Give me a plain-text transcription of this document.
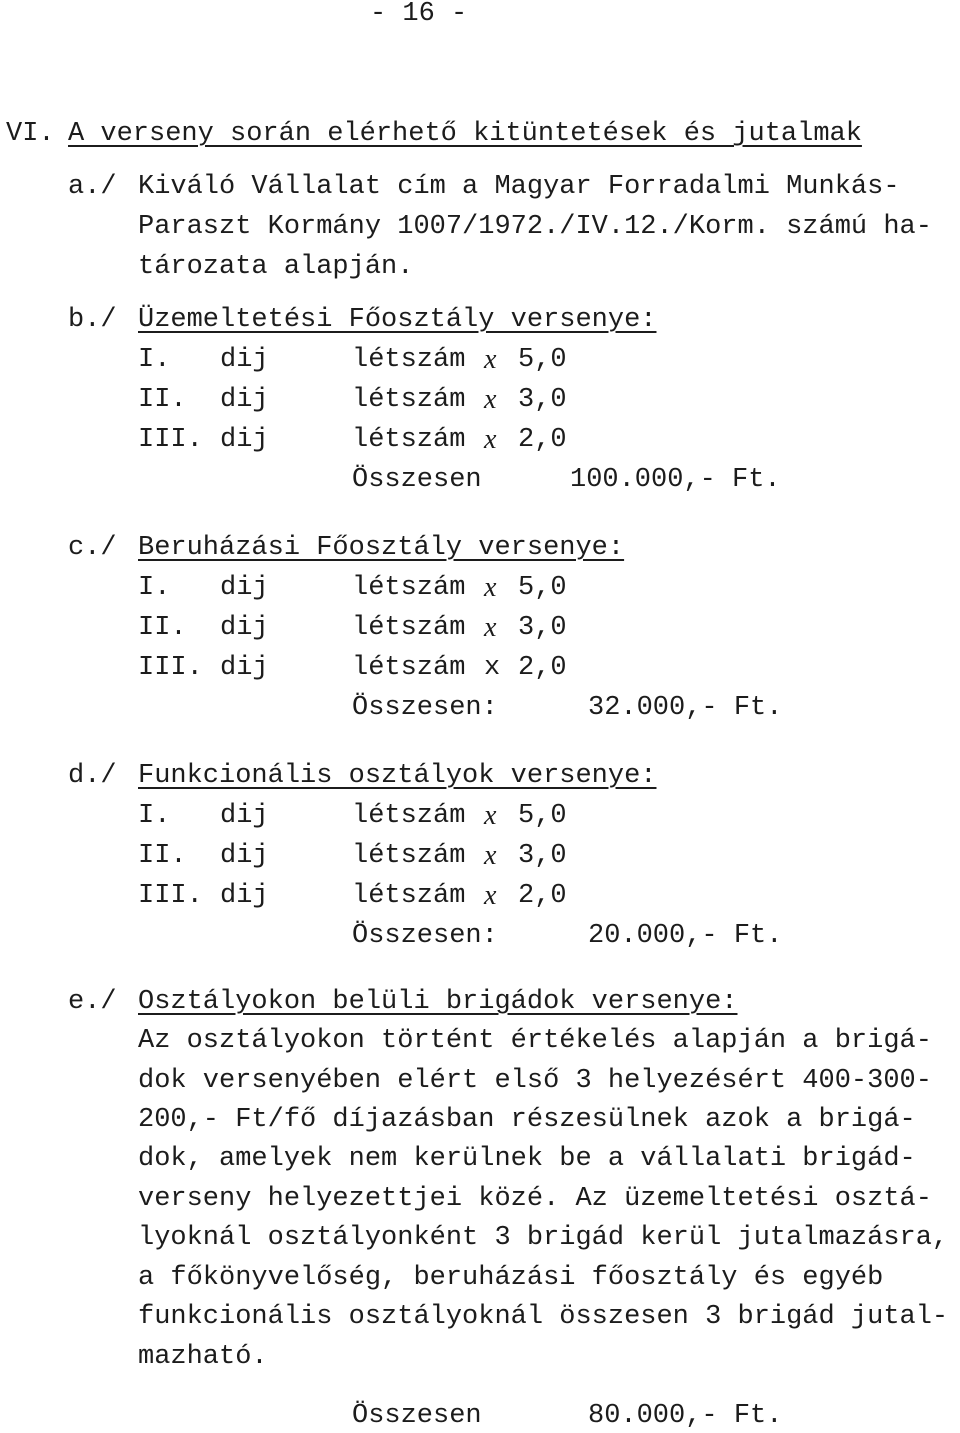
- 16 -
VI. A verseny során elérhető kitüntetések és jutalmak
a./ Kiváló Vállalat cím a Magyar Forradalmi Munkás-
Paraszt Kormány 1007/1972./IV.12./Korm. számú ha-
tározata alapján.
b./ Üzemeltetési Főosztály versenye:
I. dij	létszám x 5,0
II. dij	létszám x 3,0
III. dij	létszám x 2,0
Összesen	100.000,- Ft.
c./ Beruházási Főosztály versenye:
I. dij	létszám x 5,0
II. dij	létszám x 3,0
III. dij	létszám x 2,0
Összesen:	32.000,- Ft.
d./ Funkcionális osztályok versenye:
I. dij	létszám x 5,0
II. dij	létszám x 3,0
III. dij	létszám x 2,0
Összesen:	20.000,- Ft.
e./ Osztályokon belüli brigádok versenye:
Az osztályokon történt értékelés alapján a brigá-
dok versenyében elért első 3 helyezésért 400-300-
200,- Ft/fő díjazásban részesülnek azok a brigá-
dok, amelyek nem kerülnek be a vállalati brigád-
verseny helyezettjei közé. Az üzemeltetési osztá-
lyoknál osztályonként 3 brigád kerül jutalmazásra,
a főkönyvelőség, beruházási főosztály és egyéb
funkcionális osztályoknál összesen 3 brigád jutal-
mazható.
Összesen	80.000,- Ft.
